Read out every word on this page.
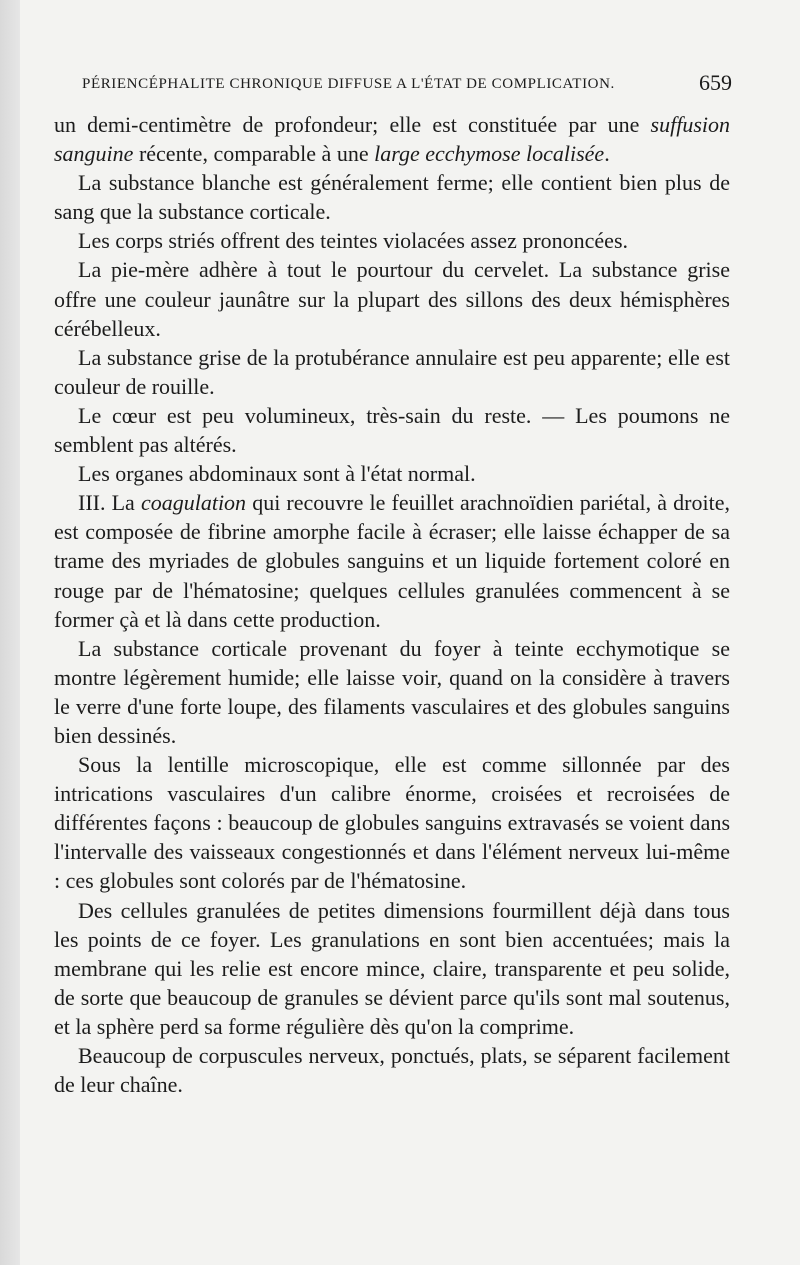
PÉRIENCÉPHALITE CHRONIQUE DIFFUSE A L'ÉTAT DE COMPLICATION.	659

un demi-centimètre de profondeur; elle est constituée par une suffusion sanguine récente, comparable à une large ecchymose localisée.

La substance blanche est généralement ferme; elle contient bien plus de sang que la substance corticale.

Les corps striés offrent des teintes violacées assez prononcées.

La pie-mère adhère à tout le pourtour du cervelet. La substance grise offre une couleur jaunâtre sur la plupart des sillons des deux hémisphères cérébelleux.

La substance grise de la protubérance annulaire est peu apparente; elle est couleur de rouille.

Le cœur est peu volumineux, très-sain du reste. — Les poumons ne semblent pas altérés.

Les organes abdominaux sont à l'état normal.

III. La coagulation qui recouvre le feuillet arachnoïdien pariétal, à droite, est composée de fibrine amorphe facile à écraser; elle laisse échapper de sa trame des myriades de globules sanguins et un liquide fortement coloré en rouge par de l'hématosine; quelques cellules granulées commencent à se former çà et là dans cette production.

La substance corticale provenant du foyer à teinte ecchymotique se montre légèrement humide; elle laisse voir, quand on la considère à travers le verre d'une forte loupe, des filaments vasculaires et des globules sanguins bien dessinés.

Sous la lentille microscopique, elle est comme sillonnée par des intrications vasculaires d'un calibre énorme, croisées et recroisées de différentes façons : beaucoup de globules sanguins extravasés se voient dans l'intervalle des vaisseaux congestionnés et dans l'élément nerveux lui-même : ces globules sont colorés par de l'hématosine.

Des cellules granulées de petites dimensions fourmillent déjà dans tous les points de ce foyer. Les granulations en sont bien accentuées; mais la membrane qui les relie est encore mince, claire, transparente et peu solide, de sorte que beaucoup de granules se dévient parce qu'ils sont mal soutenus, et la sphère perd sa forme régulière dès qu'on la comprime.

Beaucoup de corpuscules nerveux, ponctués, plats, se séparent facilement de leur chaîne.
